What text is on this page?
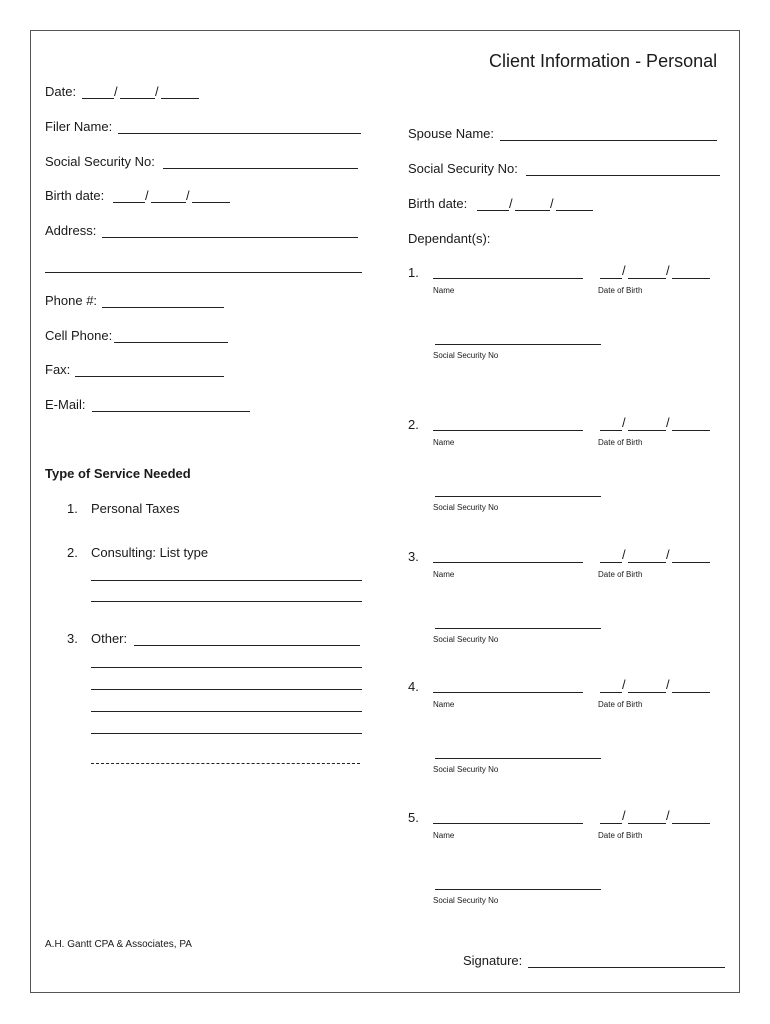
Client Information - Personal
Date:	/	/
Filer Name:
Social Security No:
Birth date:	/	/
Address:
Phone #:
Cell Phone:
Fax:
E-Mail:
Type of Service Needed
1. Personal Taxes
2. Consulting: List type
3. Other:
Spouse Name:
Social Security No:
Birth date:	/	/
Dependant(s):
1.	/	/
Name	Date of Birth
Social Security No
2.	/	/
Name	Date of Birth
Social Security No
3.	/	/
Name	Date of Birth
Social Security No
4.	/	/
Name	Date of Birth
Social Security No
5.	/	/
Name	Date of Birth
Social Security No
A.H. Gantt CPA & Associates, PA
Signature:
